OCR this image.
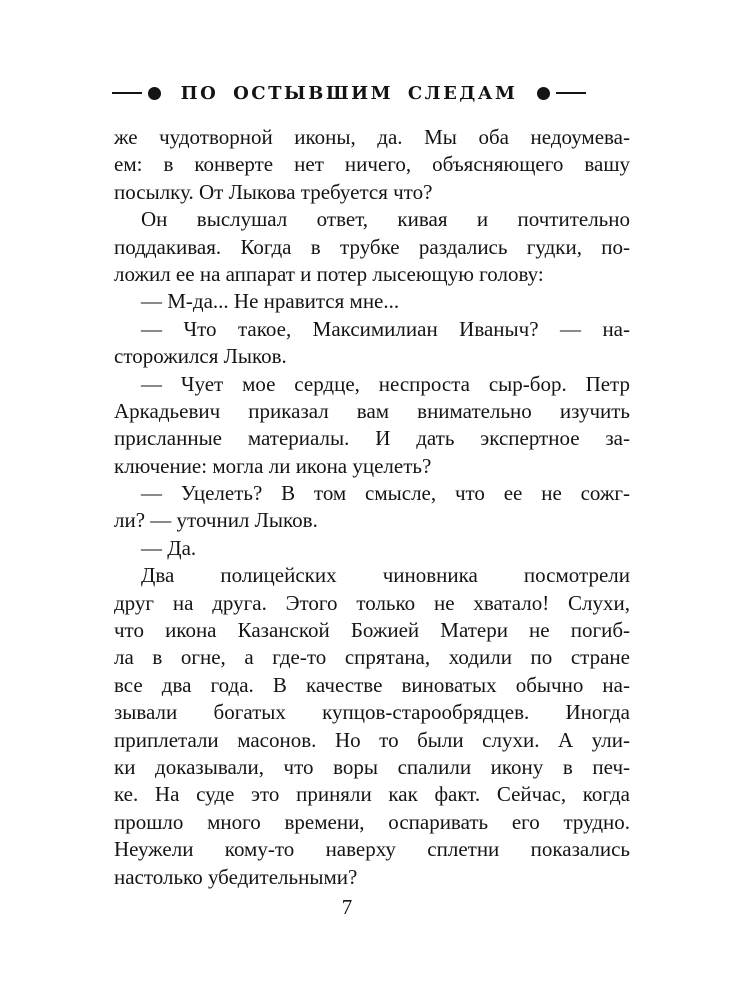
ПО ОСТЫВШИМ СЛЕДАМ

же чудотворной иконы, да. Мы оба недоумева-
ем: в конверте нет ничего, объясняющего вашу
посылку. От Лыкова требуется что?

Он выслушал ответ, кивая и почтительно
поддакивая. Когда в трубке раздались гудки, по-
ложил ее на аппарат и потер лысеющую голову:

— М-да... Не нравится мне...

— Что такое, Максимилиан Иваныч? — на-
сторожился Лыков.

— Чует мое сердце, неспроста сыр-бор. Петр
Аркадьевич приказал вам внимательно изучить
присланные материалы. И дать экспертное за-
ключение: могла ли икона уцелеть?

— Уцелеть? В том смысле, что ее не сожг-
ли? — уточнил Лыков.

— Да.

Два полицейских чиновника посмотрели
друг на друга. Этого только не хватало! Слухи,
что икона Казанской Божией Матери не погиб-
ла в огне, а где-то спрятана, ходили по стране
все два года. В качестве виноватых обычно на-
зывали богатых купцов-старообрядцев. Иногда
приплетали масонов. Но то были слухи. А ули-
ки доказывали, что воры спалили икону в печ-
ке. На суде это приняли как факт. Сейчас, когда
прошло много времени, оспаривать его трудно.
Неужели кому-то наверху сплетни показались
настолько убедительными?

7
